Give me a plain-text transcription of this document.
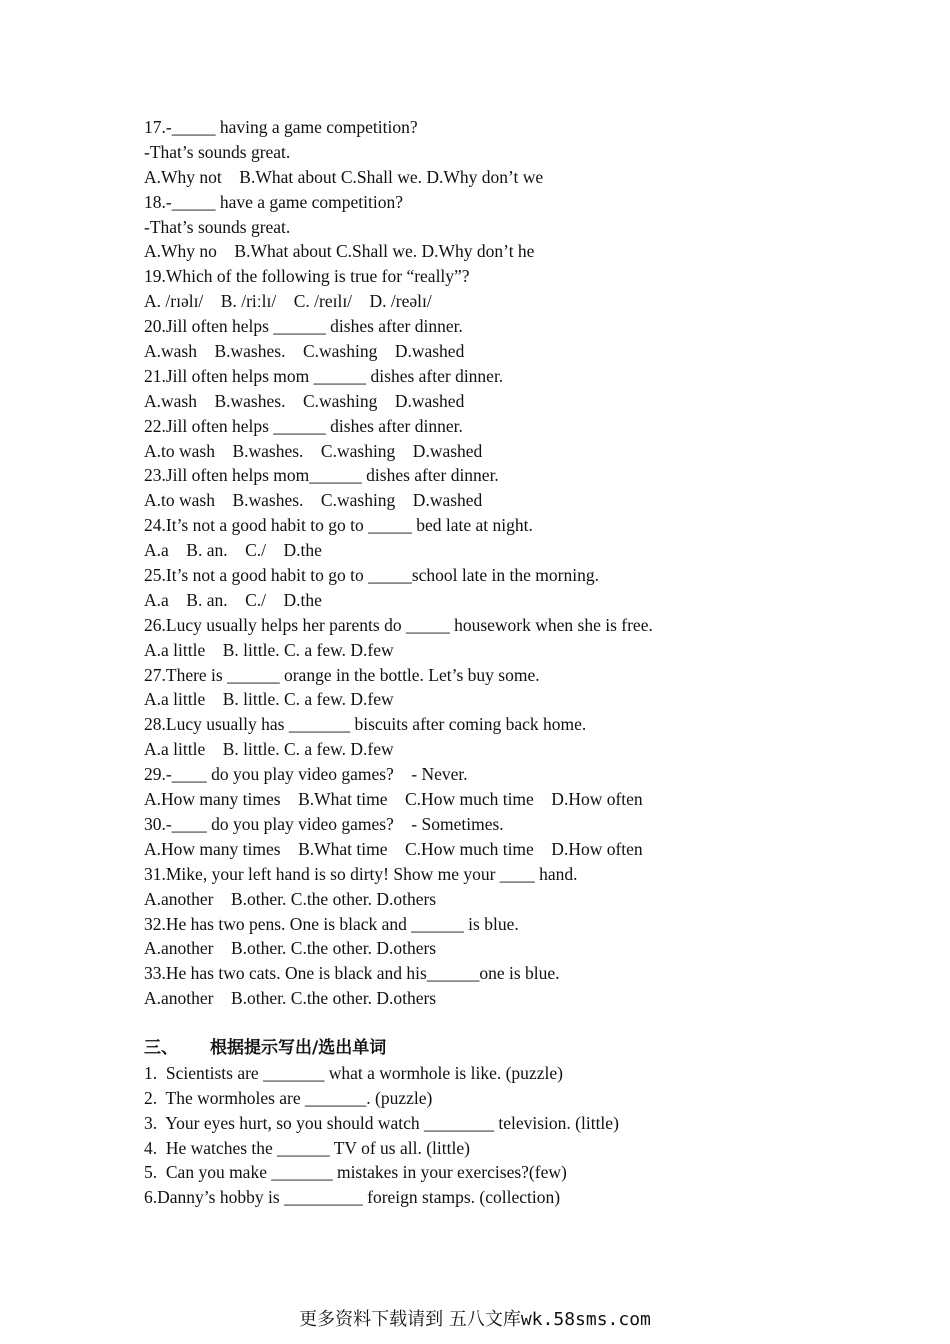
17.-_____ having a game competition?
-That’s sounds great.
A.Why not    B.What about C.Shall we. D.Why don’t we
18.-_____ have a game competition?
-That’s sounds great.
A.Why no    B.What about C.Shall we. D.Why don’t he
19.Which of the following is true for “really”?
A. /rɪəlɪ/    B. /riːlɪ/    C. /reɪlɪ/    D. /reəlɪ/
20.Jill often helps ______ dishes after dinner.
A.wash    B.washes.    C.washing    D.washed
21.Jill often helps mom ______ dishes after dinner.
A.wash    B.washes.    C.washing    D.washed
22.Jill often helps ______ dishes after dinner.
A.to wash    B.washes.    C.washing    D.washed
23.Jill often helps mom______ dishes after dinner.
A.to wash    B.washes.    C.washing    D.washed
24.It’s not a good habit to go to _____ bed late at night.
A.a    B. an.    C./    D.the
25.It’s not a good habit to go to _____school late in the morning.
A.a    B. an.    C./    D.the
26.Lucy usually helps her parents do _____ housework when she is free.
A.a little    B. little. C. a few. D.few
27.There is ______ orange in the bottle. Let’s buy some.
A.a little    B. little. C. a few. D.few
28.Lucy usually has _______ biscuits after coming back home.
A.a little    B. little. C. a few. D.few
29.-____ do you play video games?    - Never.
A.How many times    B.What time    C.How much time    D.How often
30.-____ do you play video games?    - Sometimes.
A.How many times    B.What time    C.How much time    D.How often
31.Mike, your left hand is so dirty! Show me your ____ hand.
A.another    B.other. C.the other. D.others
32.He has two pens. One is black and ______ is blue.
A.another    B.other. C.the other. D.others
33.He has two cats. One is black and his______one is blue.
A.another    B.other. C.the other. D.others
三、	根据提示写出/选出单词
1.  Scientists are _______ what a wormhole is like. (puzzle)
2.  The wormholes are _______. (puzzle)
3.  Your eyes hurt, so you should watch ________ television. (little)
4.  He watches the ______ TV of us all. (little)
5.  Can you make _______ mistakes in your exercises?(few)
6.Danny’s hobby is _________ foreign stamps. (collection)
更多资料下载请到 五八文库wk.58sms.com
